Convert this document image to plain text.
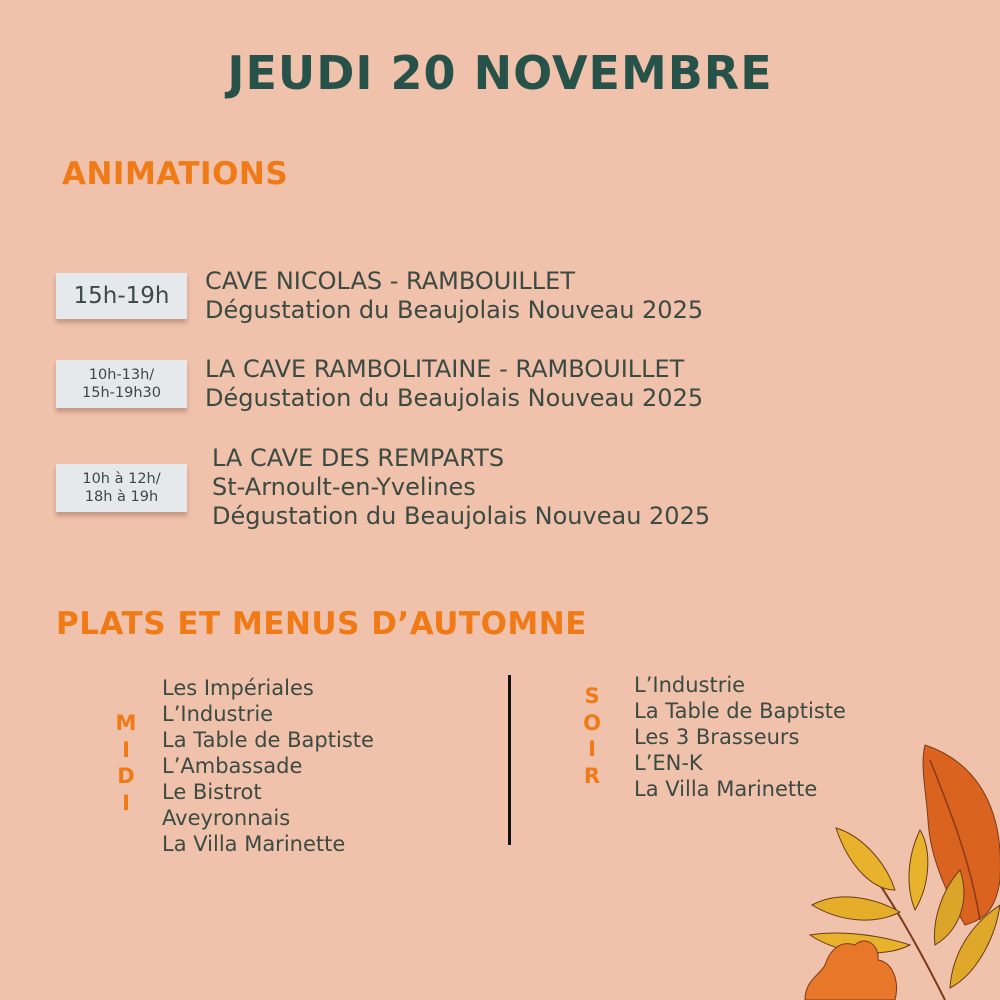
JEUDI 20 NOVEMBRE
ANIMATIONS
15h-19h
CAVE NICOLAS - RAMBOUILLET
Dégustation du Beaujolais Nouveau 2025
10h-13h/
15h-19h30
LA CAVE RAMBOLITAINE - RAMBOUILLET
Dégustation du Beaujolais Nouveau 2025
10h à 12h/
18h à 19h
LA CAVE DES REMPARTS
St-Arnoult-en-Yvelines
Dégustation du Beaujolais Nouveau 2025
PLATS ET MENUS D’AUTOMNE
M
I
D
I
Les Impériales
L’Industrie
La Table de Baptiste
L’Ambassade
Le Bistrot
Aveyronnais
La Villa Marinette
S
O
I
R
L’Industrie
La Table de Baptiste
Les 3 Brasseurs
L’EN-K
La Villa Marinette
